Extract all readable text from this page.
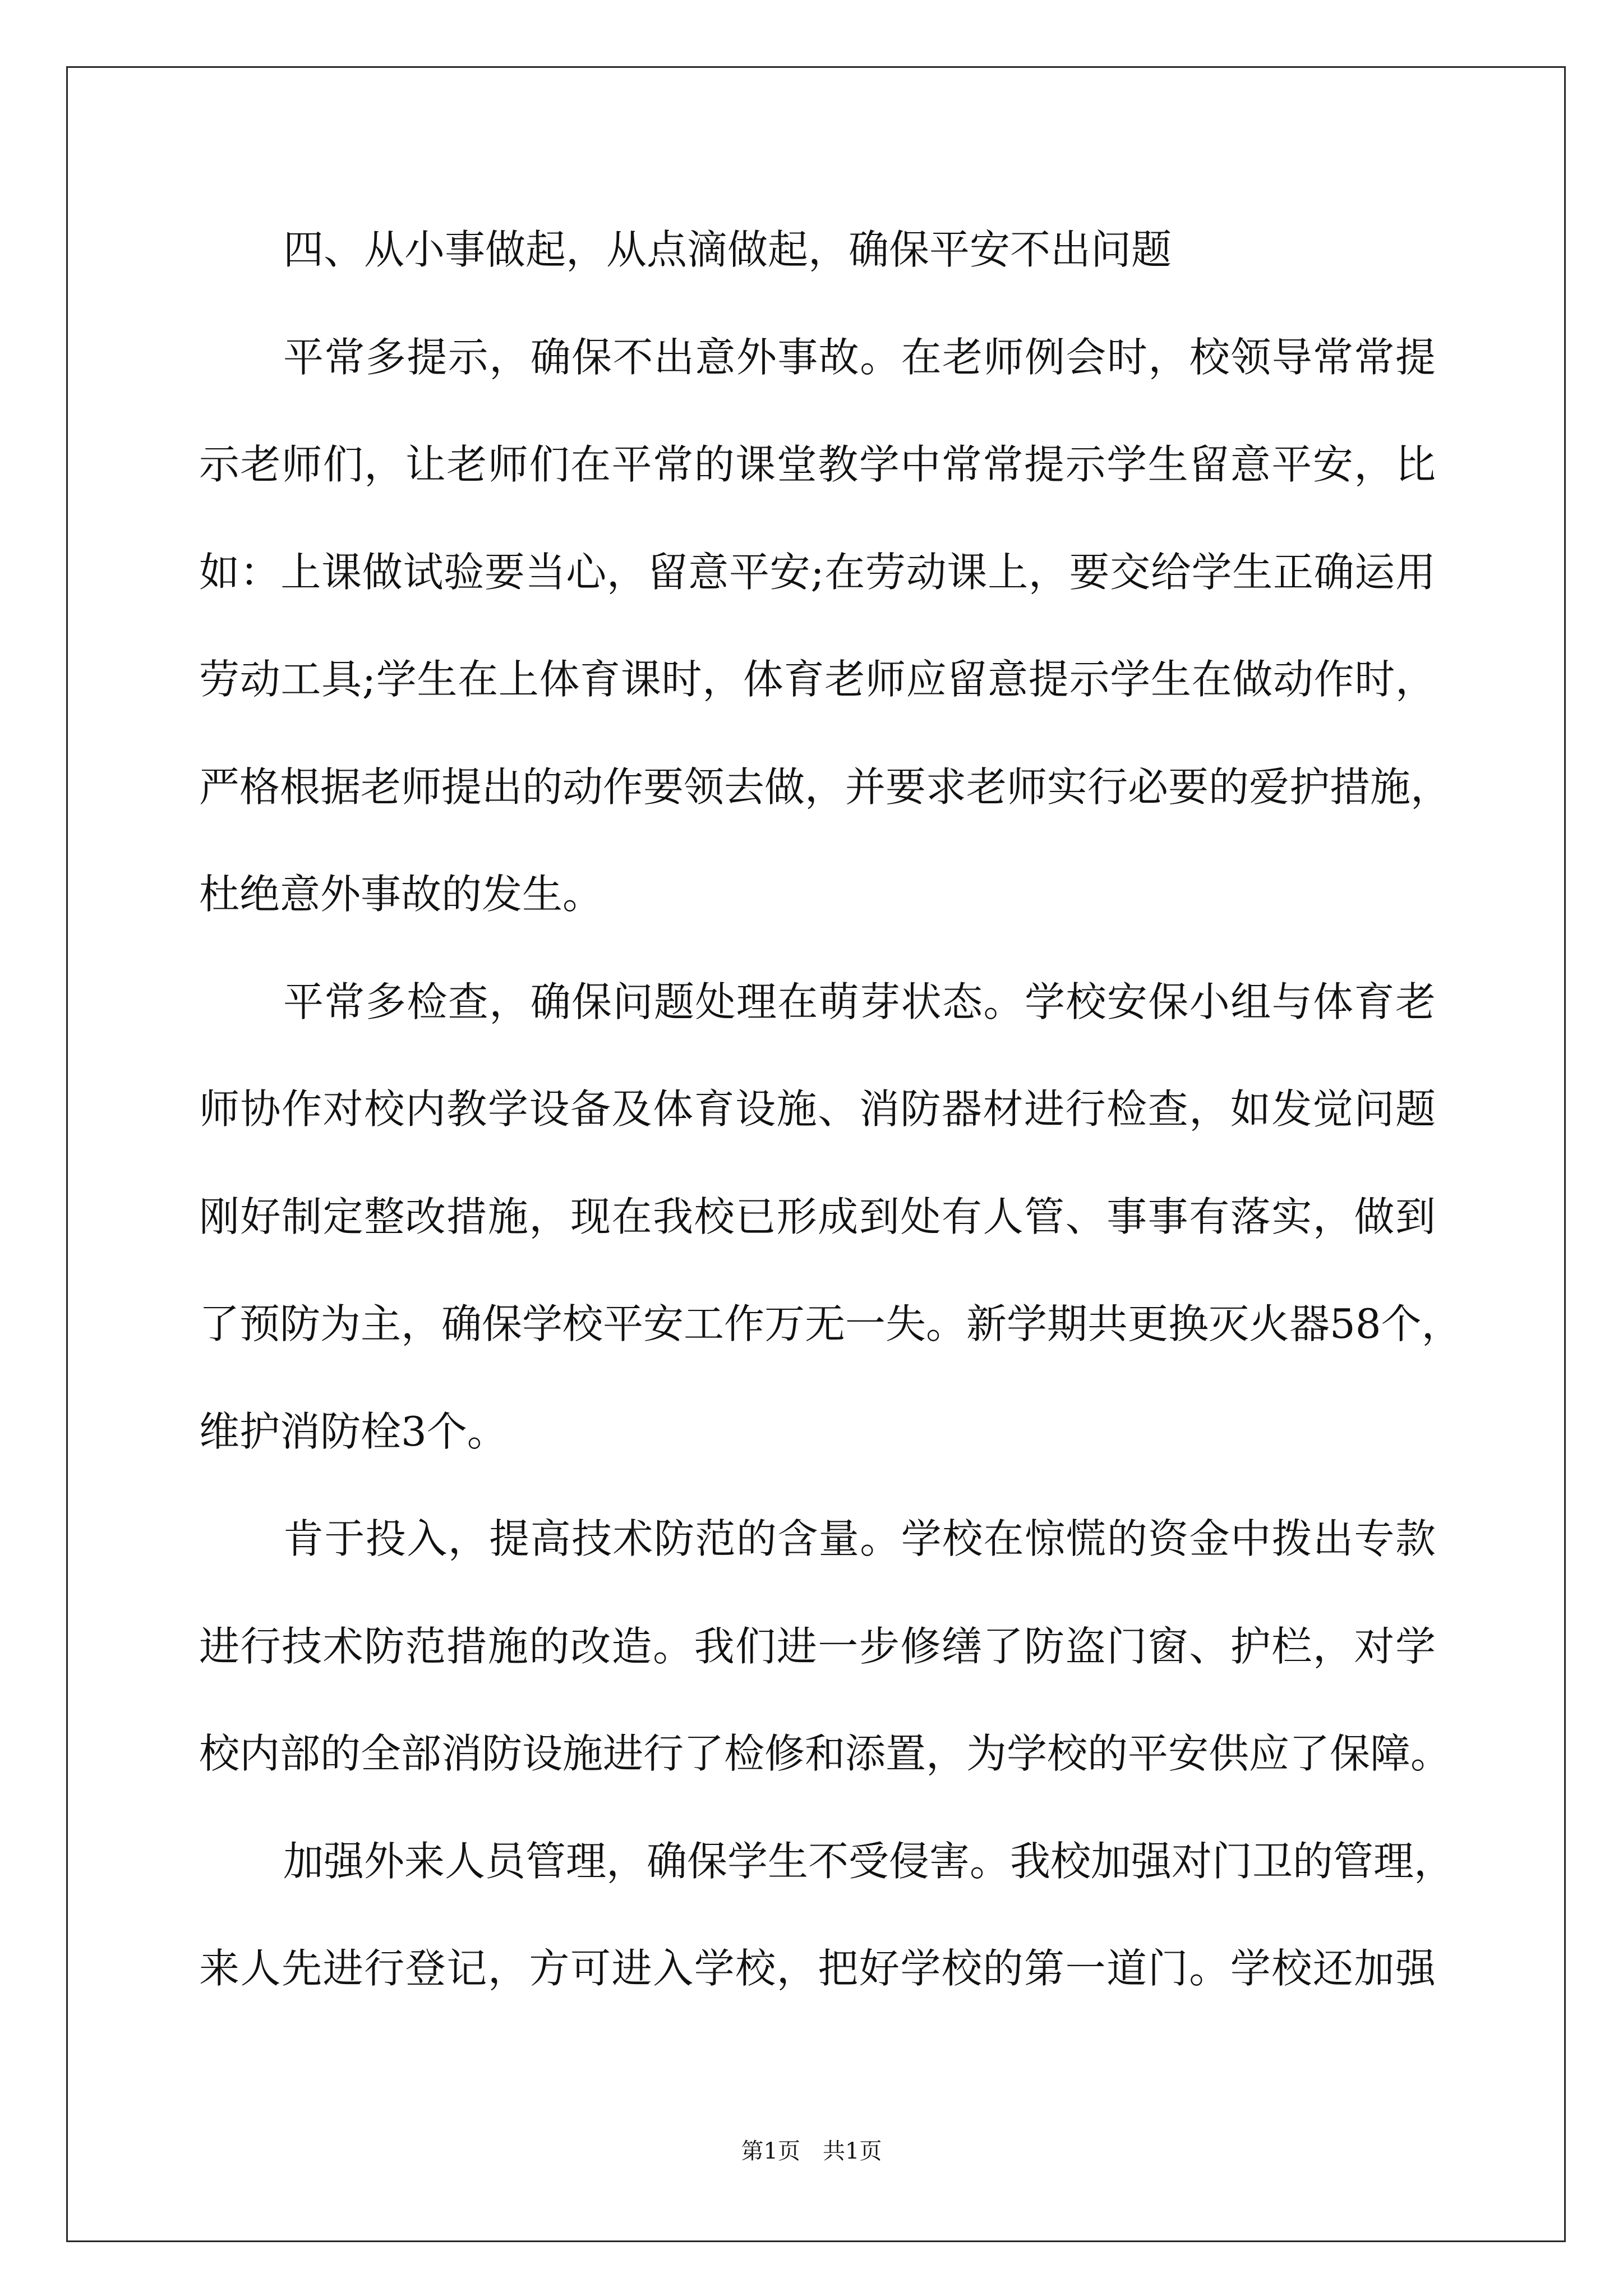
四、从小事做起，从点滴做起，确保平安不出问题
平常多提示，确保不出意外事故。在老师例会时，校领导常常提
示老师们，让老师们在平常的课堂教学中常常提示学生留意平安，比
如：上课做试验要当心，留意平安;在劳动课上，要交给学生正确运用
劳动工具;学生在上体育课时，体育老师应留意提示学生在做动作时，
严格根据老师提出的动作要领去做，并要求老师实行必要的爱护措施，
杜绝意外事故的发生。
平常多检查，确保问题处理在萌芽状态。学校安保小组与体育老
师协作对校内教学设备及体育设施、消防器材进行检查，如发觉问题
刚好制定整改措施，现在我校已形成到处有人管、事事有落实，做到
了预防为主，确保学校平安工作万无一失。新学期共更换灭火器58个，
维护消防栓3个。
肯于投入，提高技术防范的含量。学校在惊慌的资金中拨出专款
进行技术防范措施的改造。我们进一步修缮了防盗门窗、护栏，对学
校内部的全部消防设施进行了检修和添置，为学校的平安供应了保障。
加强外来人员管理，确保学生不受侵害。我校加强对门卫的管理，
来人先进行登记，方可进入学校，把好学校的第一道门。学校还加强
第1页　共1页
